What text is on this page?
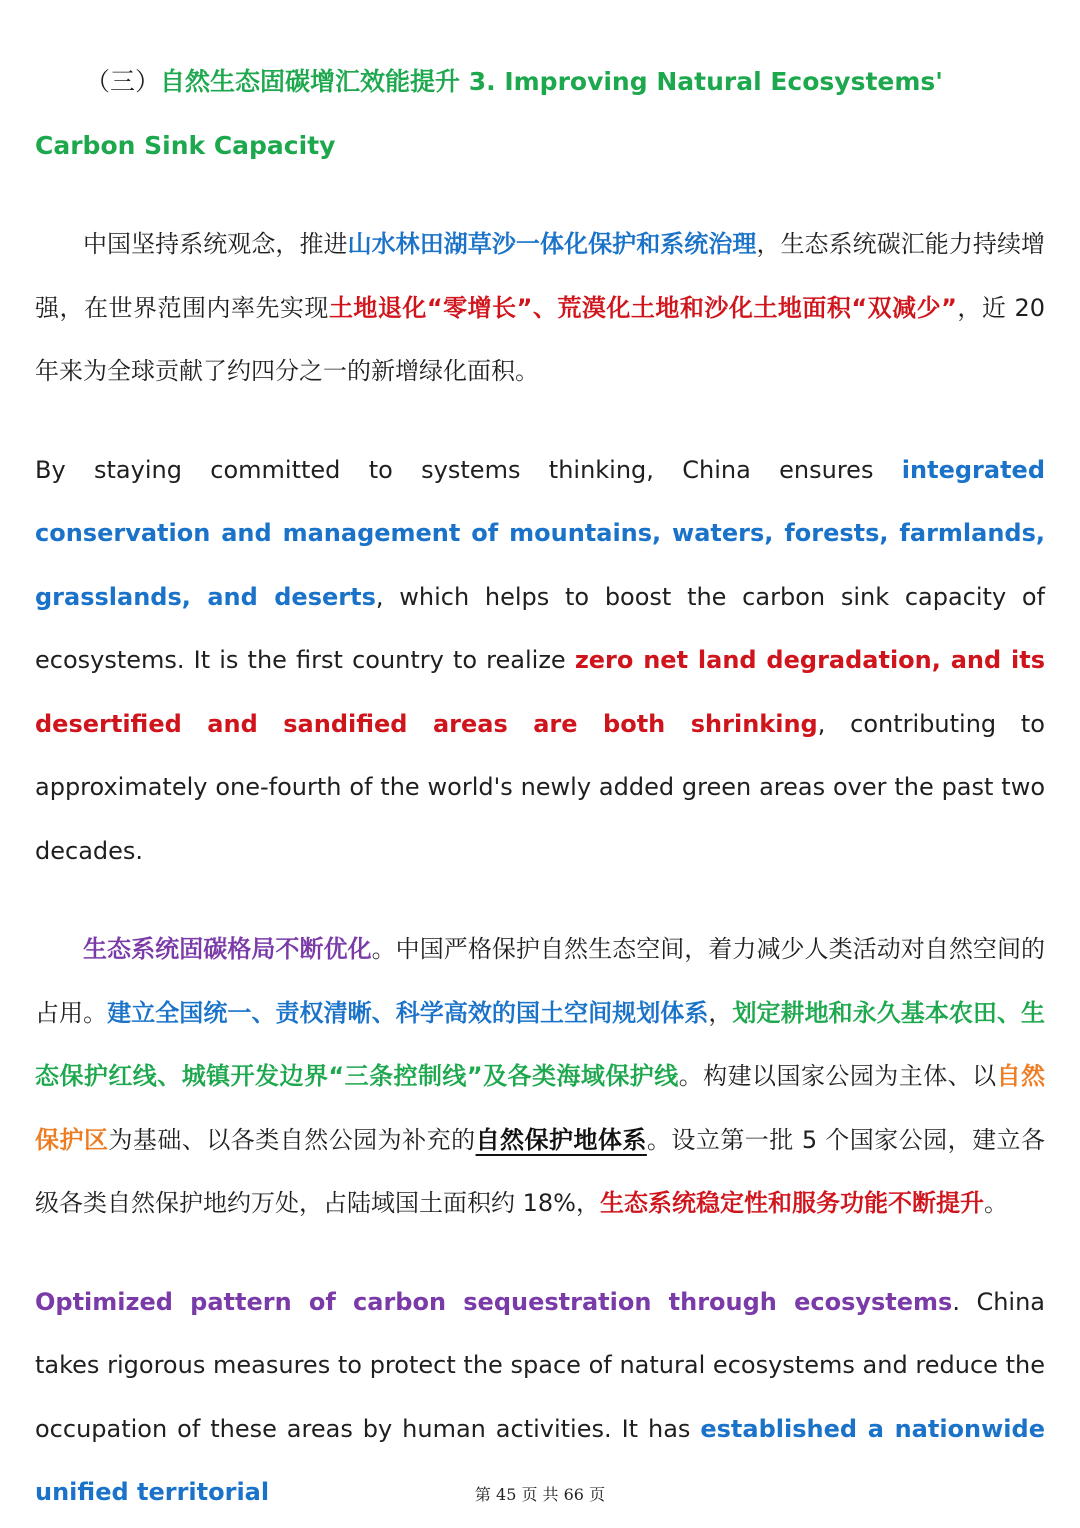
（三）自然生态固碳增汇效能提升 3. Improving Natural Ecosystems' Carbon Sink Capacity

中国坚持系统观念，推进山水林田湖草沙一体化保护和系统治理，生态系统碳汇能力持续增强，在世界范围内率先实现土地退化“零增长”、荒漠化土地和沙化土地面积“双减少”，近 20 年来为全球贡献了约四分之一的新增绿化面积。

By staying committed to systems thinking, China ensures integrated conservation and management of mountains, waters, forests, farmlands, grasslands, and deserts, which helps to boost the carbon sink capacity of ecosystems. It is the first country to realize zero net land degradation, and its desertified and sandified areas are both shrinking, contributing to approximately one-fourth of the world's newly added green areas over the past two decades.

生态系统固碳格局不断优化。中国严格保护自然生态空间，着力减少人类活动对自然空间的占用。建立全国统一、责权清晰、科学高效的国土空间规划体系，划定耕地和永久基本农田、生态保护红线、城镇开发边界“三条控制线”及各类海域保护线。构建以国家公园为主体、以自然保护区为基础、以各类自然公园为补充的自然保护地体系。设立第一批 5 个国家公园，建立各级各类自然保护地约万处，占陆域国土面积约 18%，生态系统稳定性和服务功能不断提升。

Optimized pattern of carbon sequestration through ecosystems. China takes rigorous measures to protect the space of natural ecosystems and reduce the occupation of these areas by human activities. It has established a nationwide unified territorial	第 45 页 共 66 页
